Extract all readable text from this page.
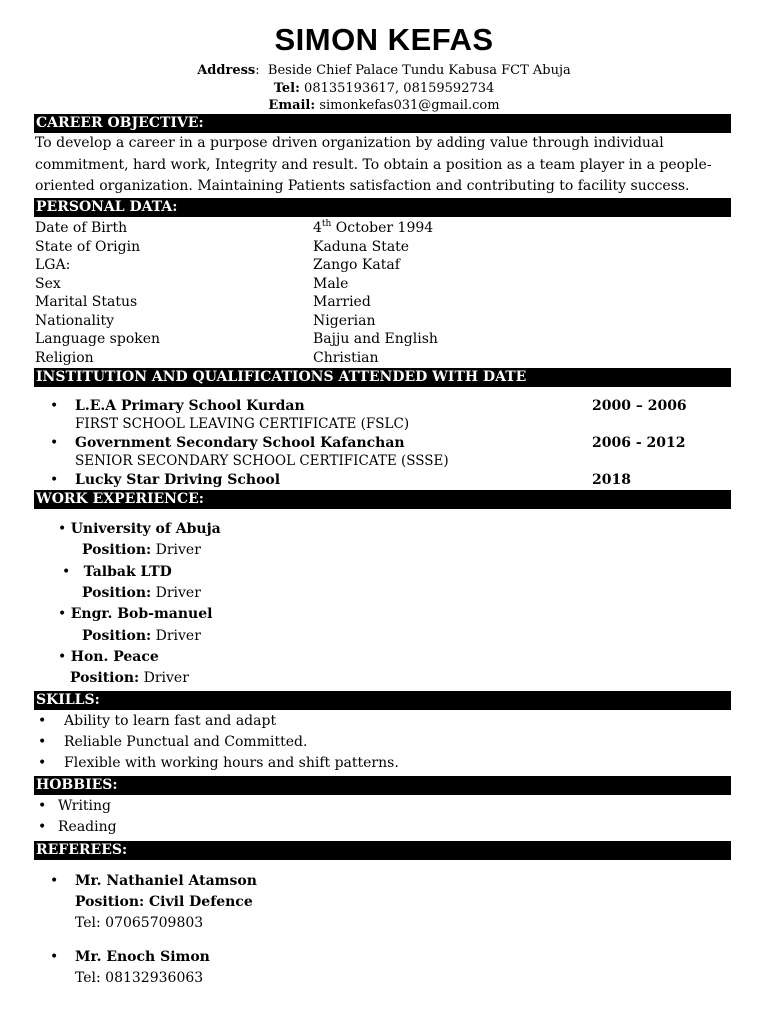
SIMON KEFAS
Address:  Beside Chief Palace Tundu Kabusa FCT Abuja
Tel: 08135193617, 08159592734
Email: simonkefas031@gmail.com
CAREER OBJECTIVE:
To develop a career in a purpose driven organization by adding value through individual
commitment, hard work, Integrity and result. To obtain a position as a team player in a people-
oriented organization. Maintaining Patients satisfaction and contributing to facility success.
PERSONAL DATA:
Date of Birth	4th October 1994
State of Origin	Kaduna State
LGA:	Zango Kataf
Sex	Male
Marital Status	Married
Nationality	Nigerian
Language spoken	Bajju and English
Religion	Christian
INSTITUTION AND QUALIFICATIONS ATTENDED WITH DATE
• L.E.A Primary School Kurdan	2000 – 2006
FIRST SCHOOL LEAVING CERTIFICATE (FSLC)
• Government Secondary School Kafanchan	2006 - 2012
SENIOR SECONDARY SCHOOL CERTIFICATE (SSSE)
• Lucky Star Driving School	2018
WORK EXPERIENCE:
• University of Abuja
Position: Driver
• Talbak LTD
Position: Driver
• Engr. Bob-manuel
Position: Driver
• Hon. Peace
Position: Driver
SKILLS:
• Ability to learn fast and adapt
• Reliable Punctual and Committed.
• Flexible with working hours and shift patterns.
HOBBIES:
• Writing
• Reading
REFEREES:
• Mr. Nathaniel Atamson
Position: Civil Defence
Tel: 07065709803
• Mr. Enoch Simon
Tel: 08132936063
